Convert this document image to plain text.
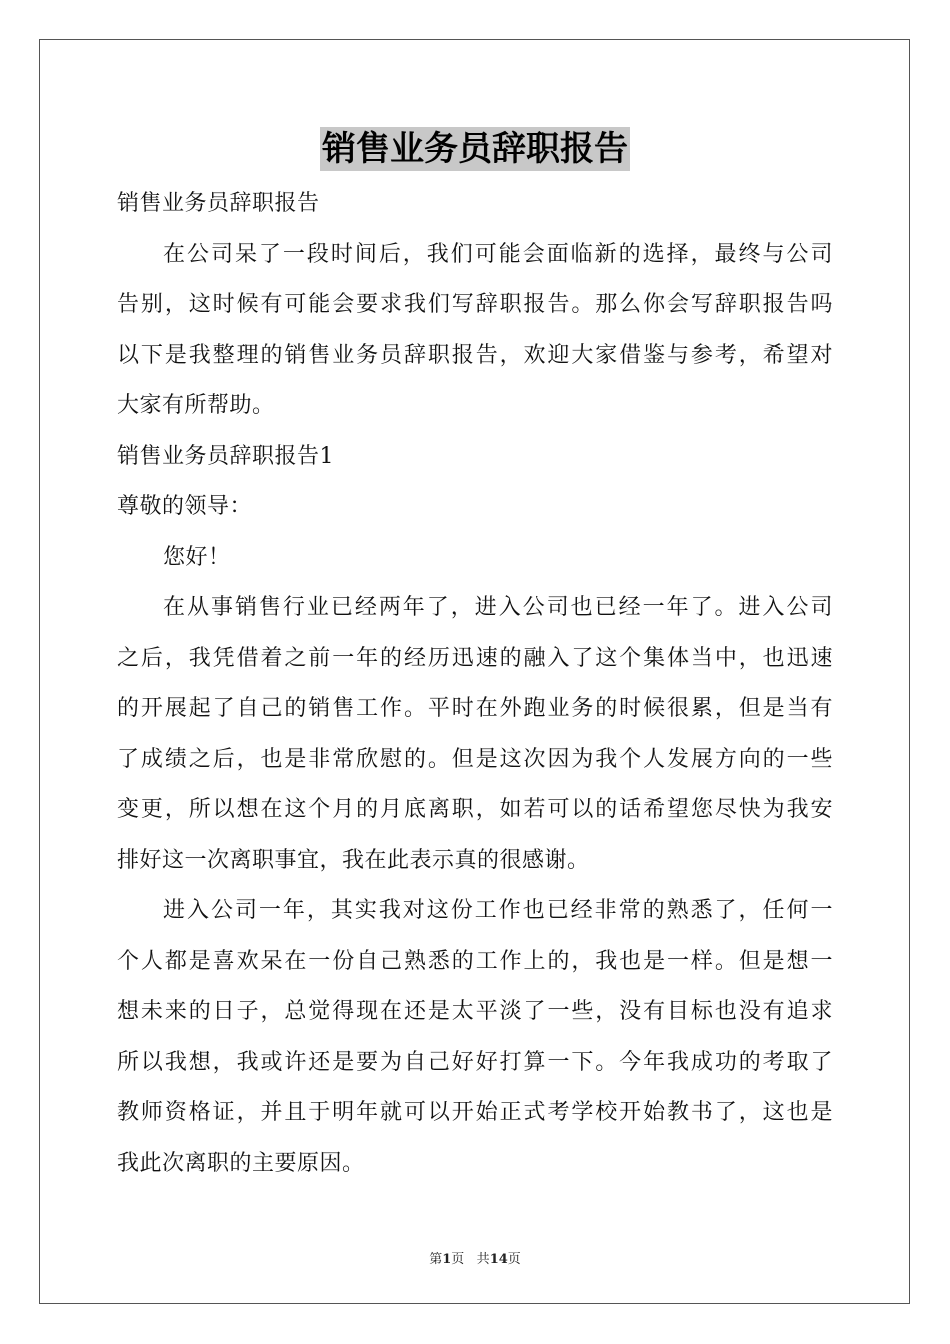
销售业务员辞职报告
销售业务员辞职报告
在公司呆了一段时间后，我们可能会面临新的选择，最终与公司
告别，这时候有可能会要求我们写辞职报告。那么你会写辞职报告吗
以下是我整理的销售业务员辞职报告，欢迎大家借鉴与参考，希望对
大家有所帮助。
销售业务员辞职报告1
尊敬的领导：
您好！
在从事销售行业已经两年了，进入公司也已经一年了。进入公司
之后，我凭借着之前一年的经历迅速的融入了这个集体当中，也迅速
的开展起了自己的销售工作。平时在外跑业务的时候很累，但是当有
了成绩之后，也是非常欣慰的。但是这次因为我个人发展方向的一些
变更，所以想在这个月的月底离职，如若可以的话希望您尽快为我安
排好这一次离职事宜，我在此表示真的很感谢。
进入公司一年，其实我对这份工作也已经非常的熟悉了，任何一
个人都是喜欢呆在一份自己熟悉的工作上的，我也是一样。但是想一
想未来的日子，总觉得现在还是太平淡了一些，没有目标也没有追求
所以我想，我或许还是要为自己好好打算一下。今年我成功的考取了
教师资格证，并且于明年就可以开始正式考学校开始教书了，这也是
我此次离职的主要原因。
第1页 共14页
